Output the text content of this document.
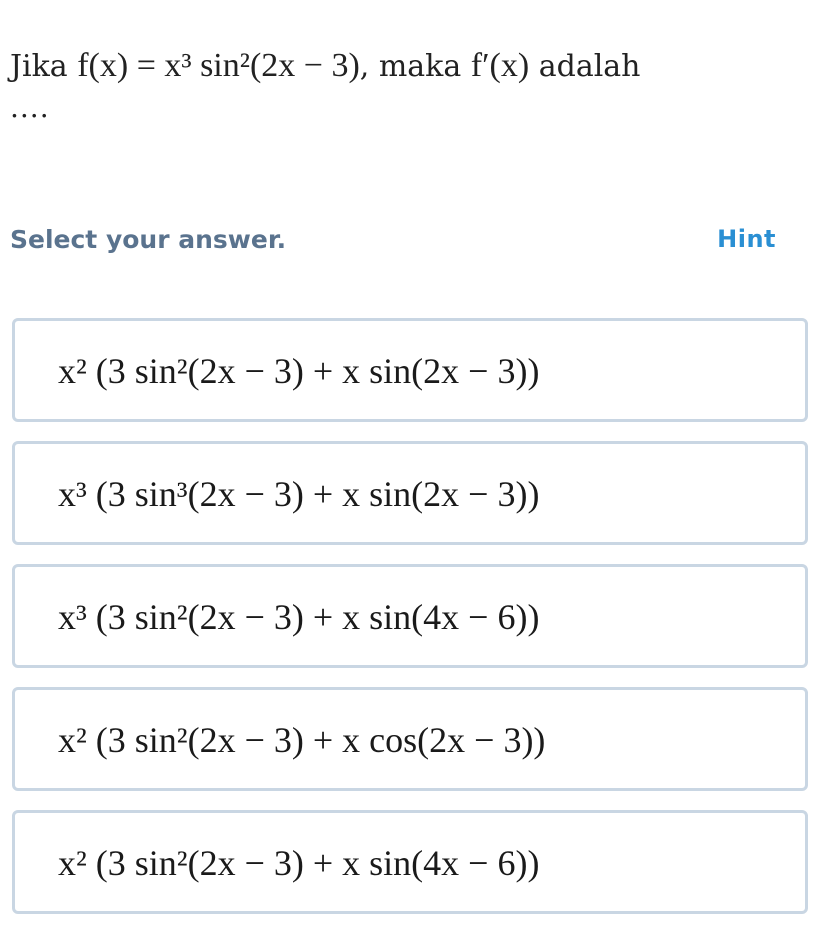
Jika f(x) = x³ sin²(2x − 3), maka f′(x) adalah
....
Select your answer.	Hint
x² (3 sin²(2x − 3) + x sin(2x − 3))
x³ (3 sin³(2x − 3) + x sin(2x − 3))
x³ (3 sin²(2x − 3) + x sin(4x − 6))
x² (3 sin²(2x − 3) + x cos(2x − 3))
x² (3 sin²(2x − 3) + x sin(4x − 6))
